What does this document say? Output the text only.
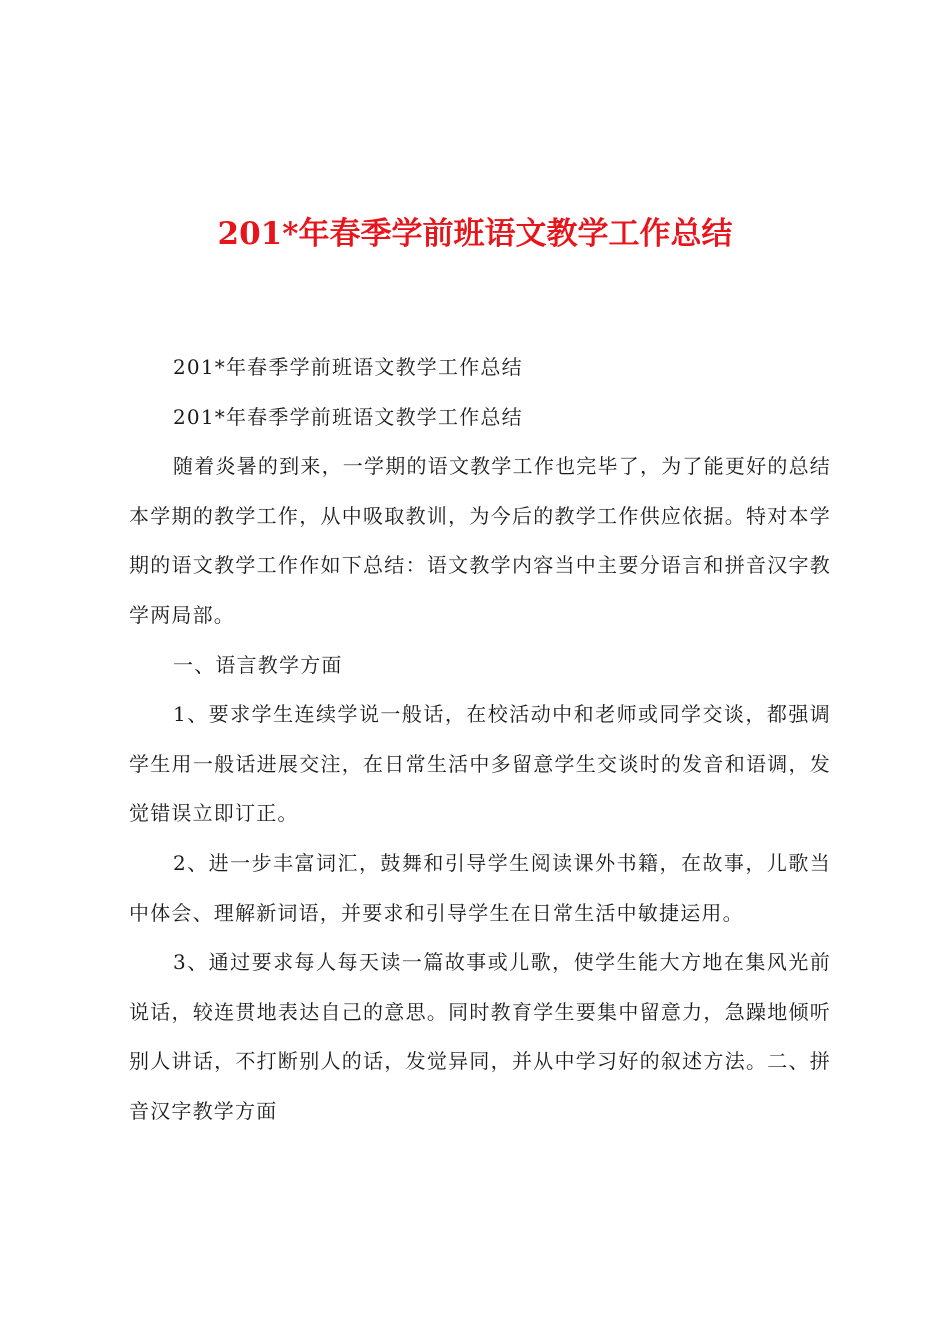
201*年春季学前班语文教学工作总结

201*年春季学前班语文教学工作总结

201*年春季学前班语文教学工作总结

随着炎暑的到来，一学期的语文教学工作也完毕了，为了能更好的总结本学期的教学工作，从中吸取教训，为今后的教学工作供应依据。特对本学期的语文教学工作作如下总结：语文教学内容当中主要分语言和拼音汉字教学两局部。

一、语言教学方面

1、要求学生连续学说一般话，在校活动中和老师或同学交谈，都强调学生用一般话进展交注，在日常生活中多留意学生交谈时的发音和语调，发觉错误立即订正。

2、进一步丰富词汇，鼓舞和引导学生阅读课外书籍，在故事，儿歌当中体会、理解新词语，并要求和引导学生在日常生活中敏捷运用。

3、通过要求每人每天读一篇故事或儿歌，使学生能大方地在集风光前说话，较连贯地表达自己的意思。同时教育学生要集中留意力，急躁地倾听别人讲话，不打断别人的话，发觉异同，并从中学习好的叙述方法。二、拼音汉字教学方面
